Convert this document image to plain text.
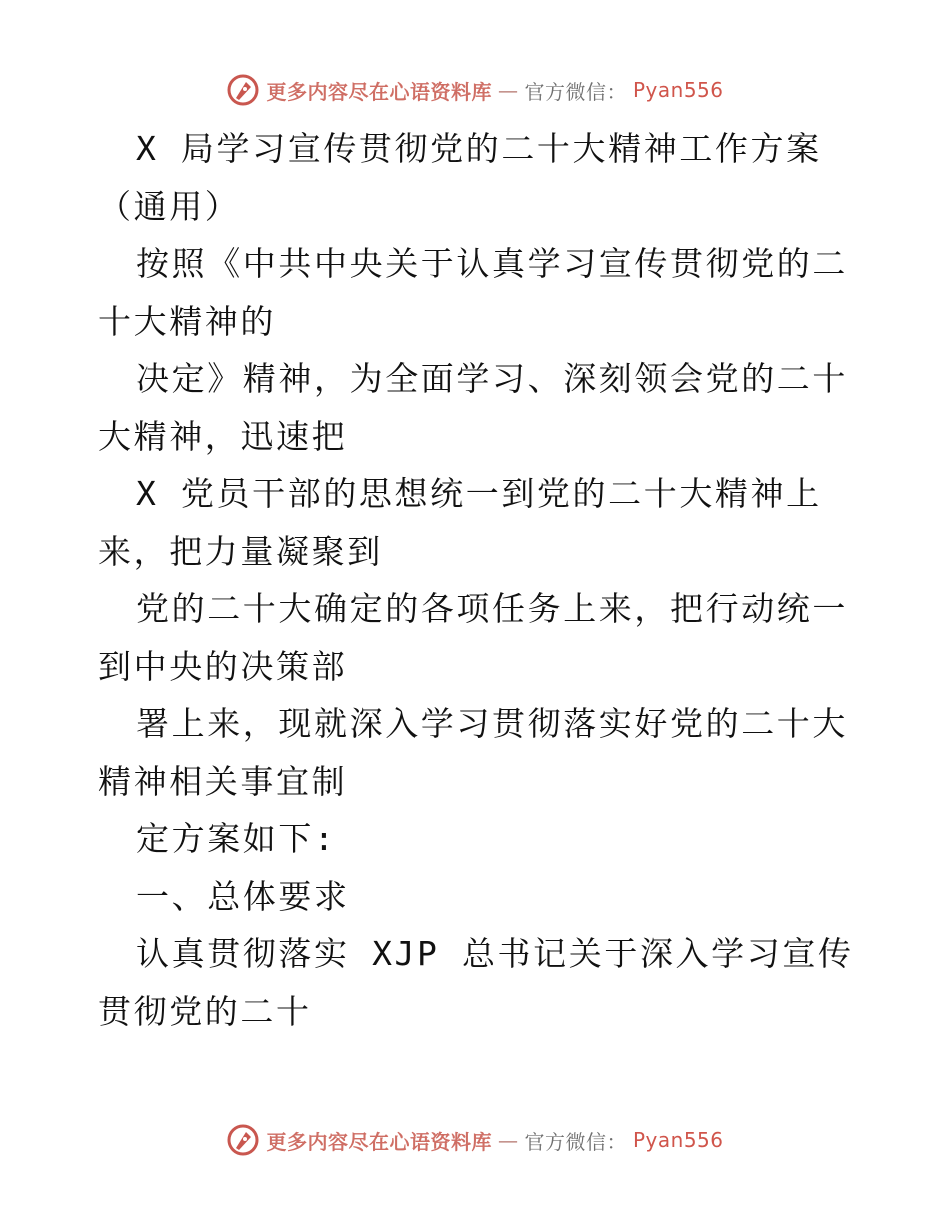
更多内容尽在心语资料库 — 官方微信： Pyan556

X 局学习宣传贯彻党的二十大精神工作方案（通用）

按照《中共中央关于认真学习宣传贯彻党的二十大精神的

决定》精神，为全面学习、深刻领会党的二十大精神，迅速把

X 党员干部的思想统一到党的二十大精神上来，把力量凝聚到

党的二十大确定的各项任务上来，把行动统一到中央的决策部

署上来，现就深入学习贯彻落实好党的二十大精神相关事宜制

定方案如下:

一、总体要求

认真贯彻落实 XJP 总书记关于深入学习宣传贯彻党的二十

更多内容尽在心语资料库 — 官方微信： Pyan556
